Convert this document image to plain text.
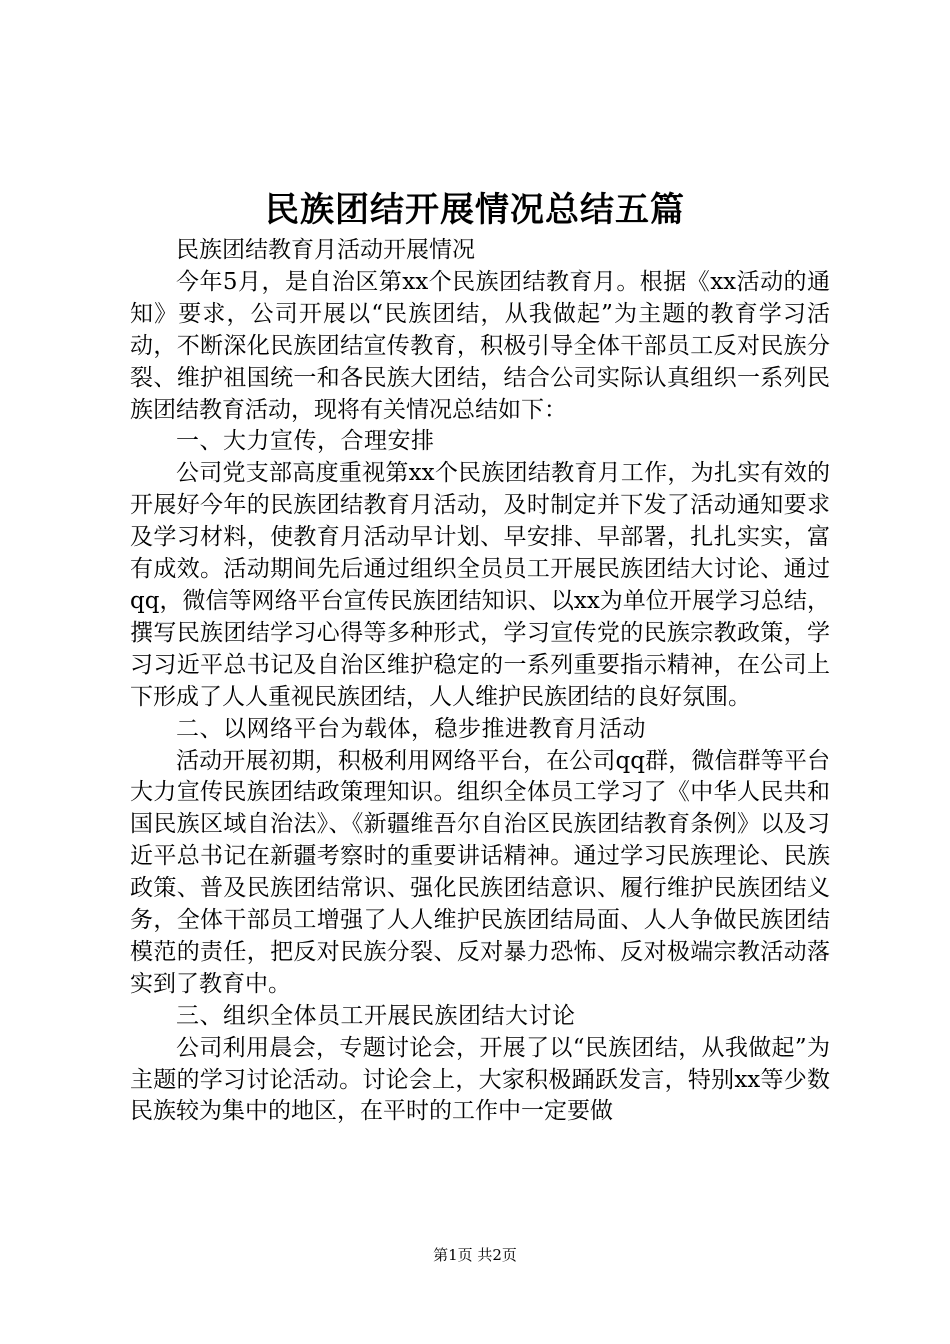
民族团结开展情况总结五篇

民族团结教育月活动开展情况

今年5月，是自治区第xx个民族团结教育月。根据《xx活动的通知》要求，公司开展以“民族团结，从我做起”为主题的教育学习活动，不断深化民族团结宣传教育，积极引导全体干部员工反对民族分裂、维护祖国统一和各民族大团结，结合公司实际认真组织一系列民族团结教育活动，现将有关情况总结如下：

一、大力宣传，合理安排

公司党支部高度重视第xx个民族团结教育月工作，为扎实有效的开展好今年的民族团结教育月活动，及时制定并下发了活动通知要求及学习材料，使教育月活动早计划、早安排、早部署，扎扎实实，富有成效。活动期间先后通过组织全员员工开展民族团结大讨论、通过qq，微信等网络平台宣传民族团结知识、以xx为单位开展学习总结，撰写民族团结学习心得等多种形式，学习宣传党的民族宗教政策，学习习近平总书记及自治区维护稳定的一系列重要指示精神，在公司上下形成了人人重视民族团结，人人维护民族团结的良好氛围。

二、以网络平台为载体，稳步推进教育月活动

活动开展初期，积极利用网络平台，在公司qq群，微信群等平台大力宣传民族团结政策理知识。组织全体员工学习了《中华人民共和国民族区域自治法》、《新疆维吾尔自治区民族团结教育条例》以及习近平总书记在新疆考察时的重要讲话精神。通过学习民族理论、民族政策、普及民族团结常识、强化民族团结意识、履行维护民族团结义务，全体干部员工增强了人人维护民族团结局面、人人争做民族团结模范的责任，把反对民族分裂、反对暴力恐怖、反对极端宗教活动落实到了教育中。

三、组织全体员工开展民族团结大讨论

公司利用晨会，专题讨论会，开展了以“民族团结，从我做起”为主题的学习讨论活动。讨论会上，大家积极踊跃发言，特别xx等少数民族较为集中的地区，在平时的工作中一定要做

第1页 共2页
